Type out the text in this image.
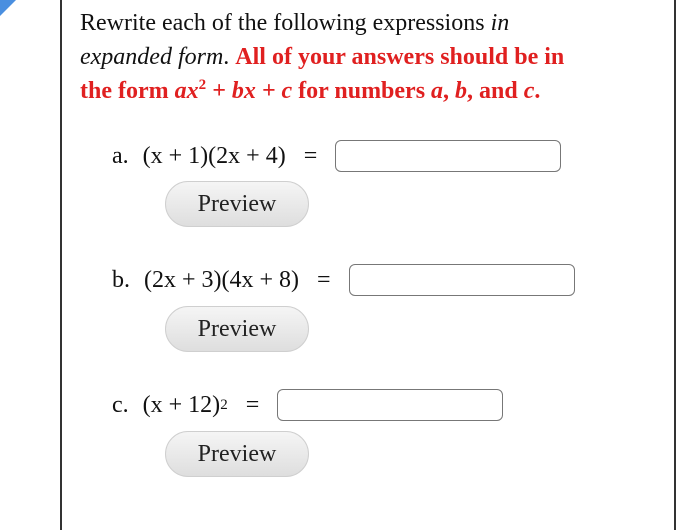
Rewrite each of the following expressions in
expanded form. All of your answers should be in
the form $ax^2$ + bx + c for numbers a, b, and c.
a. (x + 1)(2x + 4) =
Preview
b. (2x + 3)(4x + 8) =
Preview
c. (x + 12) 2 =
Preview
